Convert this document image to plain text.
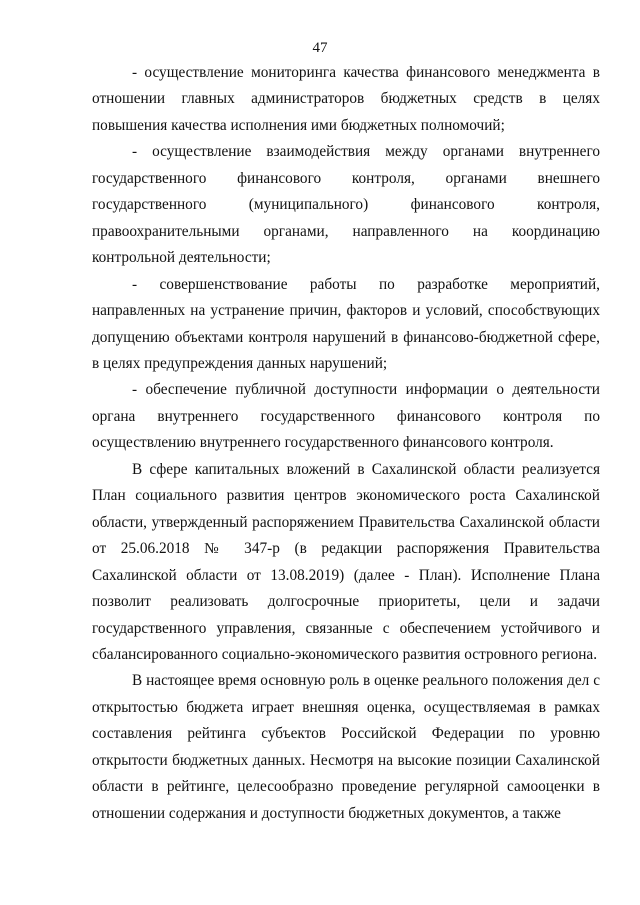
47

- осуществление мониторинга качества финансового менеджмента в отношении главных администраторов бюджетных средств в целях повышения качества исполнения ими бюджетных полномочий;

- осуществление взаимодействия между органами внутреннего государственного финансового контроля, органами внешнего государственного (муниципального) финансового контроля, правоохранительными органами, направленного на координацию контрольной деятельности;

- совершенствование работы по разработке мероприятий, направленных на устранение причин, факторов и условий, способствующих допущению объектами контроля нарушений в финансово-бюджетной сфере, в целях предупреждения данных нарушений;

- обеспечение публичной доступности информации о деятельности органа внутреннего государственного финансового контроля по осуществлению внутреннего государственного финансового контроля.

В сфере капитальных вложений в Сахалинской области реализуется План социального развития центров экономического роста Сахалинской области, утвержденный распоряжением Правительства Сахалинской области от 25.06.2018 № 347-р (в редакции распоряжения Правительства Сахалинской области от 13.08.2019) (далее - План). Исполнение Плана позволит реализовать долгосрочные приоритеты, цели и задачи государственного управления, связанные с обеспечением устойчивого и сбалансированного социально-экономического развития островного региона.

В настоящее время основную роль в оценке реального положения дел с открытостью бюджета играет внешняя оценка, осуществляемая в рамках составления рейтинга субъектов Российской Федерации по уровню открытости бюджетных данных. Несмотря на высокие позиции Сахалинской области в рейтинге, целесообразно проведение регулярной самооценки в отношении содержания и доступности бюджетных документов, а также
